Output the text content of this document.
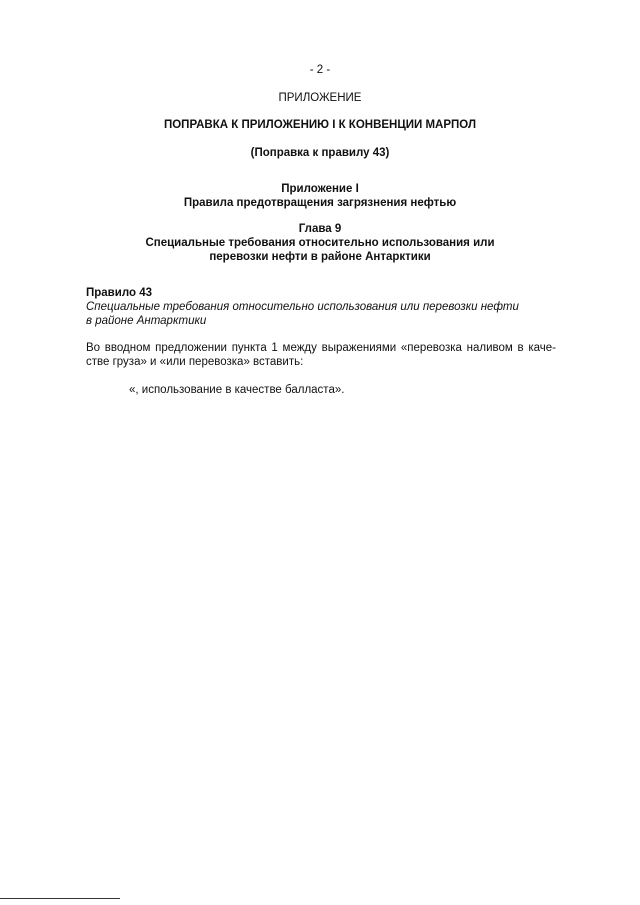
- 2 -
ПРИЛОЖЕНИЕ
ПОПРАВКА К ПРИЛОЖЕНИЮ I К КОНВЕНЦИИ МАРПОЛ
(Поправка к правилу 43)
Приложение I
Правила предотвращения загрязнения нефтью
Глава 9
Специальные требования относительно использования или
перевозки нефти в районе Антарктики
Правило 43
Специальные требования относительно использования или перевозки нефти
в районе Антарктики
Во вводном предложении пункта 1 между выражениями «перевозка наливом в каче-стве груза» и «или перевозка» вставить:
«, использование в качестве балласта».
